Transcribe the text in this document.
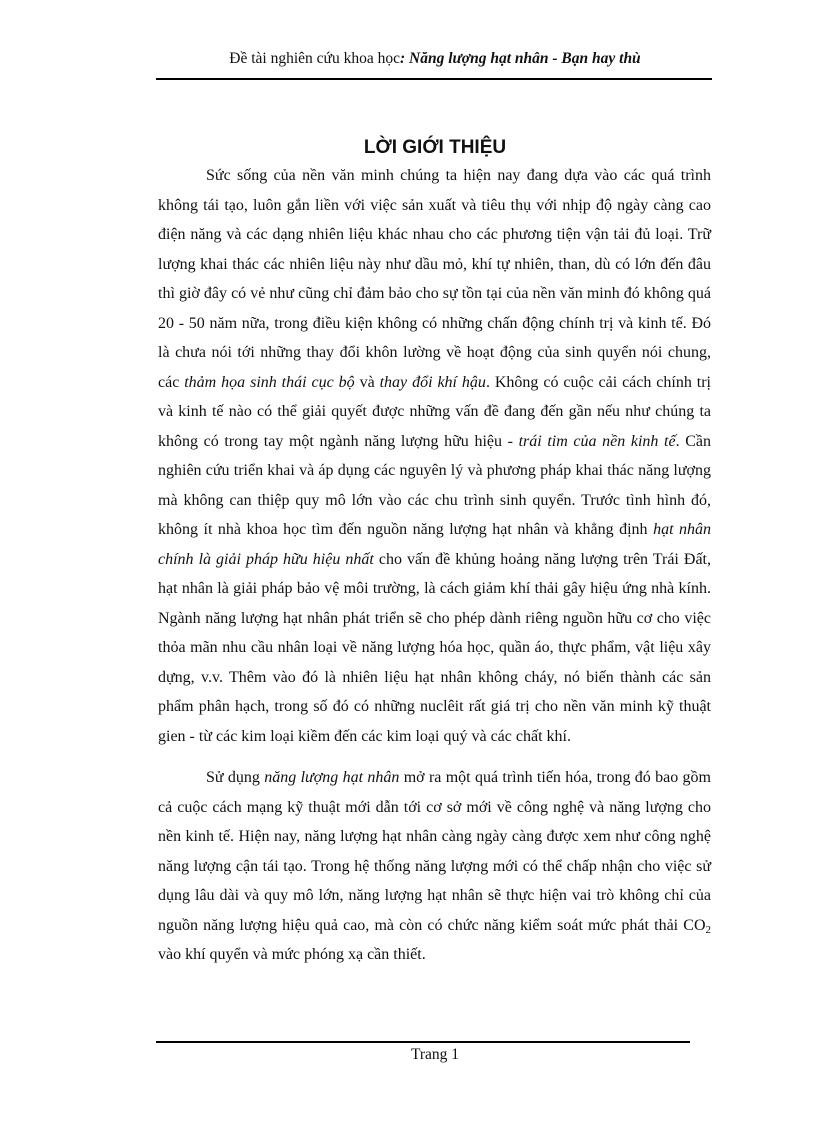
Đề tài nghiên cứu khoa học: Năng lượng hạt nhân - Bạn hay thù
LỜI GIỚI THIỆU

Sức sống của nền văn minh chúng ta hiện nay đang dựa vào các quá trình không tái tạo, luôn gắn liền với việc sản xuất và tiêu thụ với nhịp độ ngày càng cao điện năng và các dạng nhiên liệu khác nhau cho các phương tiện vận tải đủ loại. Trữ lượng khai thác các nhiên liệu này như dầu mỏ, khí tự nhiên, than, dù có lớn đến đâu thì giờ đây có vẻ như cũng chỉ đảm bảo cho sự tồn tại của nền văn minh đó không quá 20 - 50 năm nữa, trong điều kiện không có những chấn động chính trị và kinh tế. Đó là chưa nói tới những thay đổi khôn lường về hoạt động của sinh quyển nói chung, các thảm họa sinh thái cục bộ và thay đổi khí hậu. Không có cuộc cải cách chính trị và kinh tế nào có thể giải quyết được những vấn đề đang đến gần nếu như chúng ta không có trong tay một ngành năng lượng hữu hiệu - trái tim của nền kinh tế. Cần nghiên cứu triển khai và áp dụng các nguyên lý và phương pháp khai thác năng lượng mà không can thiệp quy mô lớn vào các chu trình sinh quyển. Trước tình hình đó, không ít nhà khoa học tìm đến nguồn năng lượng hạt nhân và khẳng định hạt nhân chính là giải pháp hữu hiệu nhất cho vấn đề khủng hoảng năng lượng trên Trái Đất, hạt nhân là giải pháp bảo vệ môi trường, là cách giảm khí thải gây hiệu ứng nhà kính. Ngành năng lượng hạt nhân phát triển sẽ cho phép dành riêng nguồn hữu cơ cho việc thỏa mãn nhu cầu nhân loại về năng lượng hóa học, quần áo, thực phẩm, vật liệu xây dựng, v.v. Thêm vào đó là nhiên liệu hạt nhân không cháy, nó biến thành các sản phẩm phân hạch, trong số đó có những nuclêit rất giá trị cho nền văn minh kỹ thuật gien - từ các kim loại kiềm đến các kim loại quý và các chất khí.

Sử dụng năng lượng hạt nhân mở ra một quá trình tiến hóa, trong đó bao gồm cả cuộc cách mạng kỹ thuật mới dẫn tới cơ sở mới về công nghệ và năng lượng cho nền kinh tế. Hiện nay, năng lượng hạt nhân càng ngày càng được xem như công nghệ năng lượng cận tái tạo. Trong hệ thống năng lượng mới có thể chấp nhận cho việc sử dụng lâu dài và quy mô lớn, năng lượng hạt nhân sẽ thực hiện vai trò không chỉ của nguồn năng lượng hiệu quả cao, mà còn có chức năng kiểm soát mức phát thải $CO_2$ vào khí quyển và mức phóng xạ cần thiết.

Trang 1
